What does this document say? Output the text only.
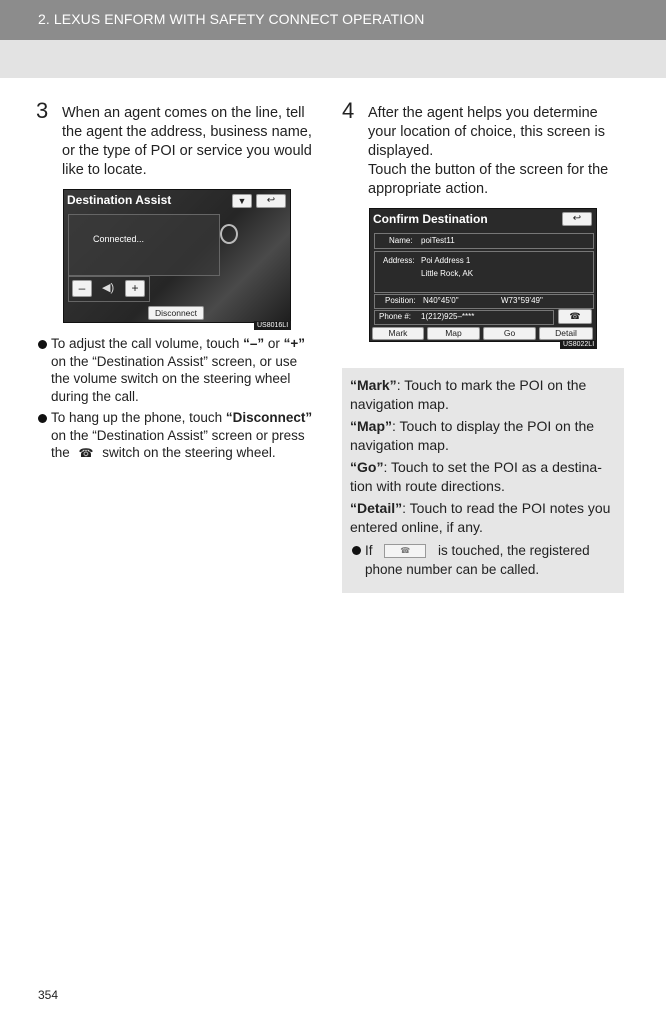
2. LEXUS ENFORM WITH SAFETY CONNECT OPERATION
3 When an agent comes on the line, tell the agent the address, business name, or the type of POI or service you would like to locate.
Destination Assist	▼	↩
Connected...
–	◀)	+
Disconnect
US8016LI
To adjust the call volume, touch “–” or “+” on the “Destination Assist” screen, or use the volume switch on the steering wheel during the call.
To hang up the phone, touch “Disconnect” on the “Destination Assist” screen or press the ☎ switch on the steering wheel.
4 After the agent helps you determine your location of choice, this screen is displayed.
Touch the button of the screen for the appropriate action.
Confirm Destination	↩
Name: poiTest11
Address: Poi Address 1
Little Rock, AK
Position: N40°45'0"	W73°59'49"
Phone #: 1(212)925–****	☎
Mark	Map	Go	Detail
US8022LI

“Mark”: Touch to mark the POI on the navigation map.

“Map”: Touch to display the POI on the navigation map.

“Go”: Touch to set the POI as a destina-tion with route directions.

“Detail”: Touch to read the POI notes you entered online, if any.

If	☎ is touched, the registered phone number can be called.
354
